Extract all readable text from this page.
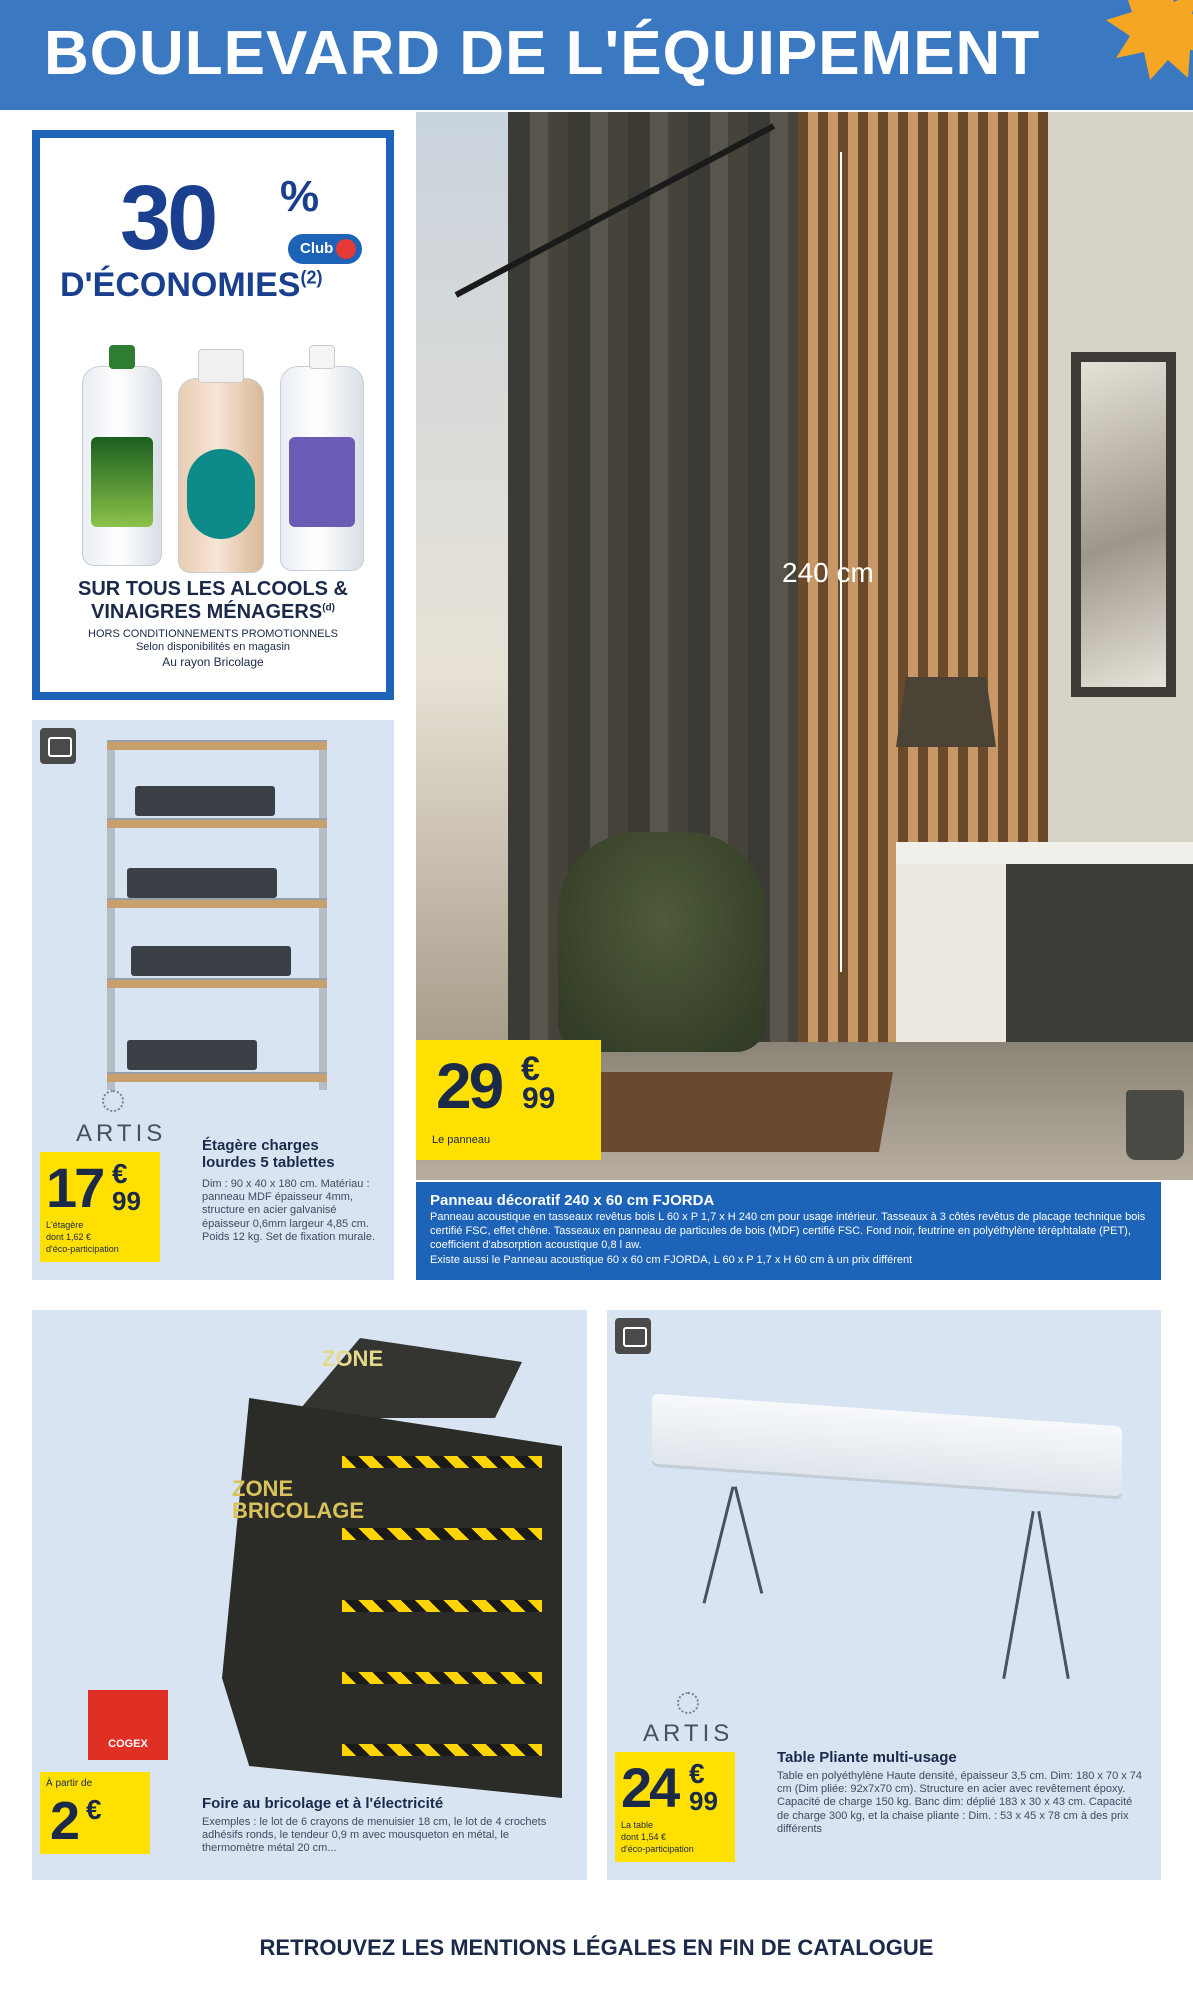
BOULEVARD DE L'ÉQUIPEMENT
30 %
Club
D'ÉCONOMIES$^{(2)}$
SUR TOUS LES ALCOOLS &
VINAIGRES MÉNAGERS$^{(d)}$
HORS CONDITIONNEMENTS PROMOTIONNELS
Selon disponibilités en magasin
Au rayon Bricolage
240 cm
29 €
99
Le panneau
Panneau décoratif 240 x 60 cm FJORDA
Panneau acoustique en tasseaux revêtus bois L 60 x P 1,7 x H 240 cm pour usage intérieur. Tasseaux à 3 côtés revêtus de placage technique bois certifié FSC, effet chêne. Tasseaux en panneau de particules de bois (MDF) certifié FSC. Fond noir, feutrine en polyéthylène téréphtalate (PET), coefficient d'absorption acoustique 0,8 l aw.
Existe aussi le Panneau acoustique 60 x 60 cm FJORDA, L 60 x P 1,7 x H 60 cm à un prix différent
ARTIS
17 €
99
L'étagère
dont 1,62 €
d'éco-participation
Étagère charges lourdes 5 tablettes
Dim : 90 x 40 x 180 cm. Matériau : panneau MDF épaisseur 4mm, structure en acier galvanisé épaisseur 0,6mm largeur 4,85 cm. Poids 12 kg. Set de fixation murale.
ZONE
ZONE
BRICOLAGE
COGEX
À partir de
2 €	Foire au bricolage et à l'électricité
Exemples : le lot de 6 crayons de menuisier 18 cm, le lot de 4 crochets adhésifs ronds, le tendeur 0,9 m avec mousqueton en métal, le thermomètre métal 20 cm...
ARTIS
24 €
99
La table
dont 1,54 €
d'éco-participation
Table Pliante multi-usage
Table en polyéthylène Haute densité, épaisseur 3,5 cm. Dim: 180 x 70 x 74 cm (Dim pliée: 92x7x70 cm). Structure en acier avec revêtement époxy. Capacité de charge 150 kg. Banc dim: déplié 183 x 30 x 43 cm. Capacité de charge 300 kg, et la chaise pliante : Dim. : 53 x 45 x 78 cm à des prix différents
RETROUVEZ LES MENTIONS LÉGALES EN FIN DE CATALOGUE
